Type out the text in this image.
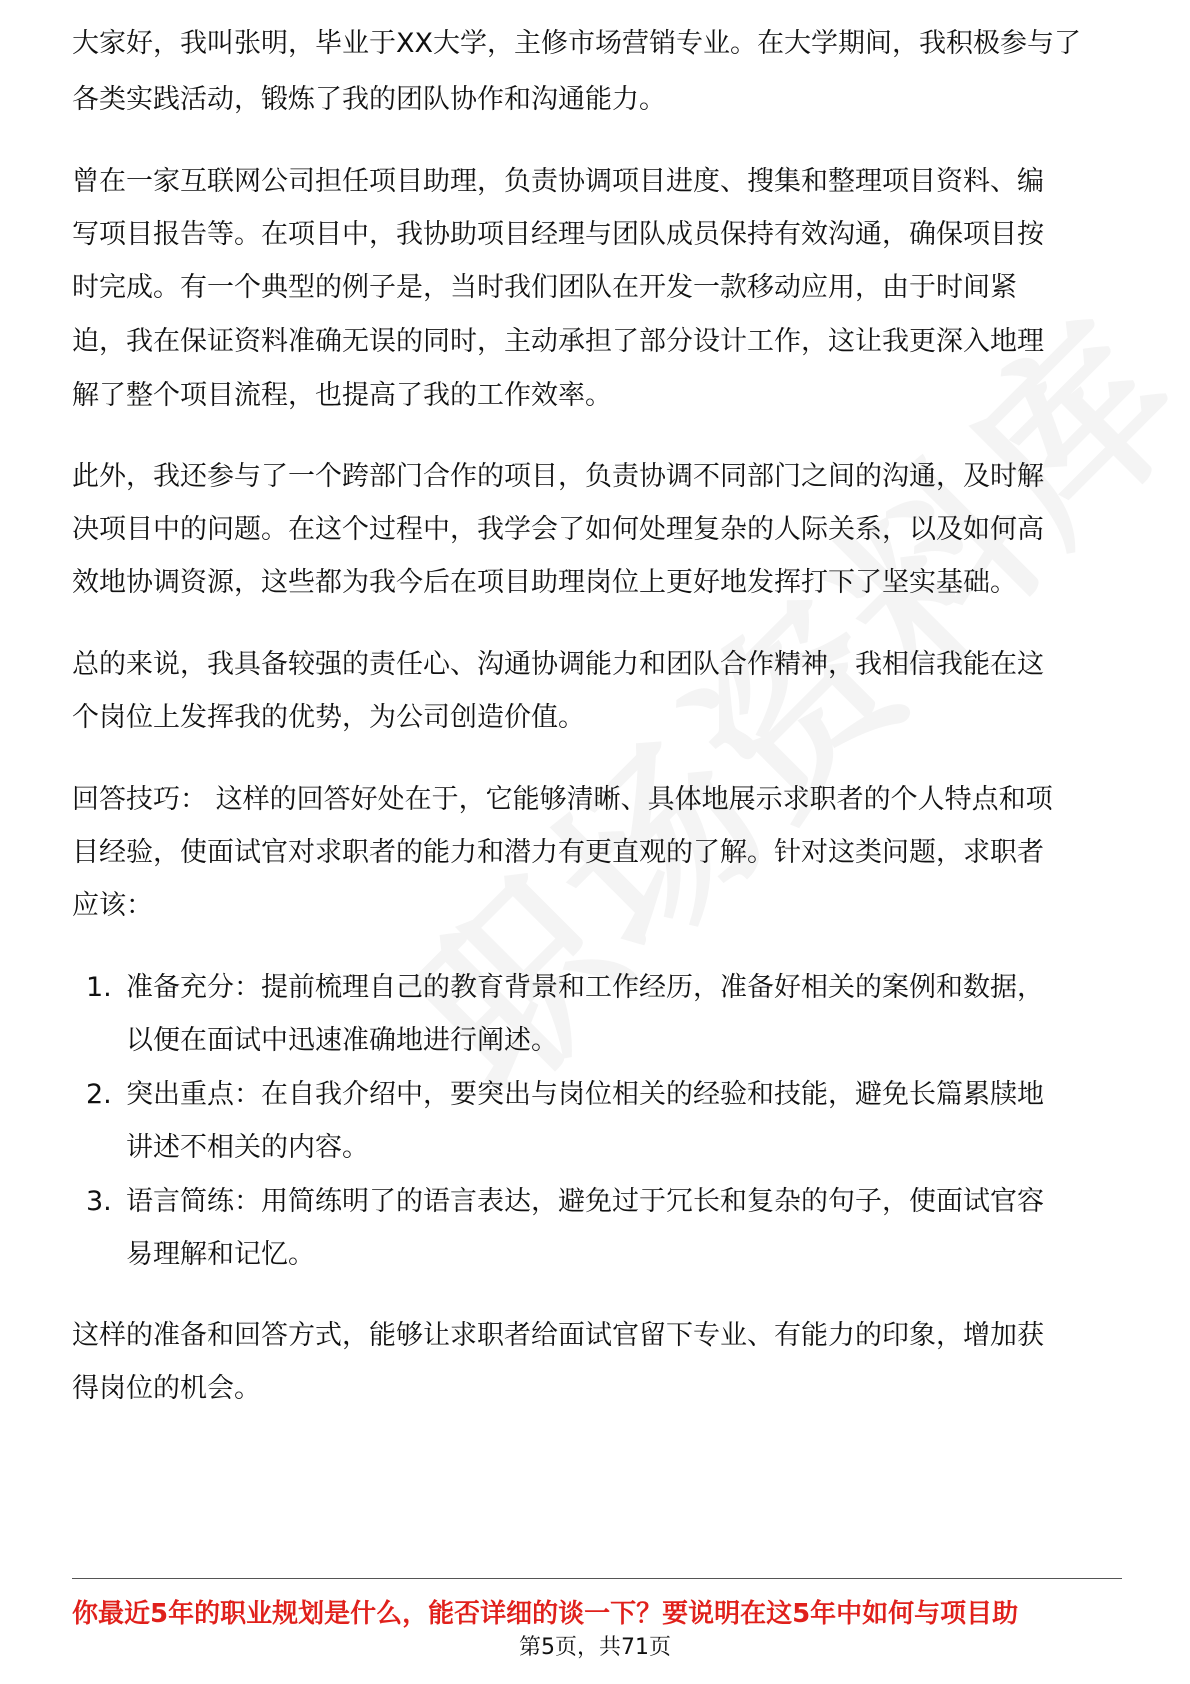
大家好，我叫张明，毕业于XX大学，主修市场营销专业。在大学期间，我积极参与了
各类实践活动，锻炼了我的团队协作和沟通能力。
曾在一家互联网公司担任项目助理，负责协调项目进度、搜集和整理项目资料、编
写项目报告等。在项目中，我协助项目经理与团队成员保持有效沟通，确保项目按
时完成。有一个典型的例子是，当时我们团队在开发一款移动应用，由于时间紧
迫，我在保证资料准确无误的同时，主动承担了部分设计工作，这让我更深入地理
解了整个项目流程，也提高了我的工作效率。
此外，我还参与了一个跨部门合作的项目，负责协调不同部门之间的沟通，及时解
决项目中的问题。在这个过程中，我学会了如何处理复杂的人际关系，以及如何高
效地协调资源，这些都为我今后在项目助理岗位上更好地发挥打下了坚实基础。
总的来说，我具备较强的责任心、沟通协调能力和团队合作精神，我相信我能在这
个岗位上发挥我的优势，为公司创造价值。
回答技巧： 这样的回答好处在于，它能够清晰、具体地展示求职者的个人特点和项
目经验，使面试官对求职者的能力和潜力有更直观的了解。针对这类问题，求职者
应该：
1. 准备充分：提前梳理自己的教育背景和工作经历，准备好相关的案例和数据，
以便在面试中迅速准确地进行阐述。
2. 突出重点：在自我介绍中，要突出与岗位相关的经验和技能，避免长篇累牍地
讲述不相关的内容。
3. 语言简练：用简练明了的语言表达，避免过于冗长和复杂的句子，使面试官容
易理解和记忆。
这样的准备和回答方式，能够让求职者给面试官留下专业、有能力的印象，增加获
得岗位的机会。
你最近5年的职业规划是什么，能否详细的谈一下？要说明在这5年中如何与项目助
第5页，共71页
